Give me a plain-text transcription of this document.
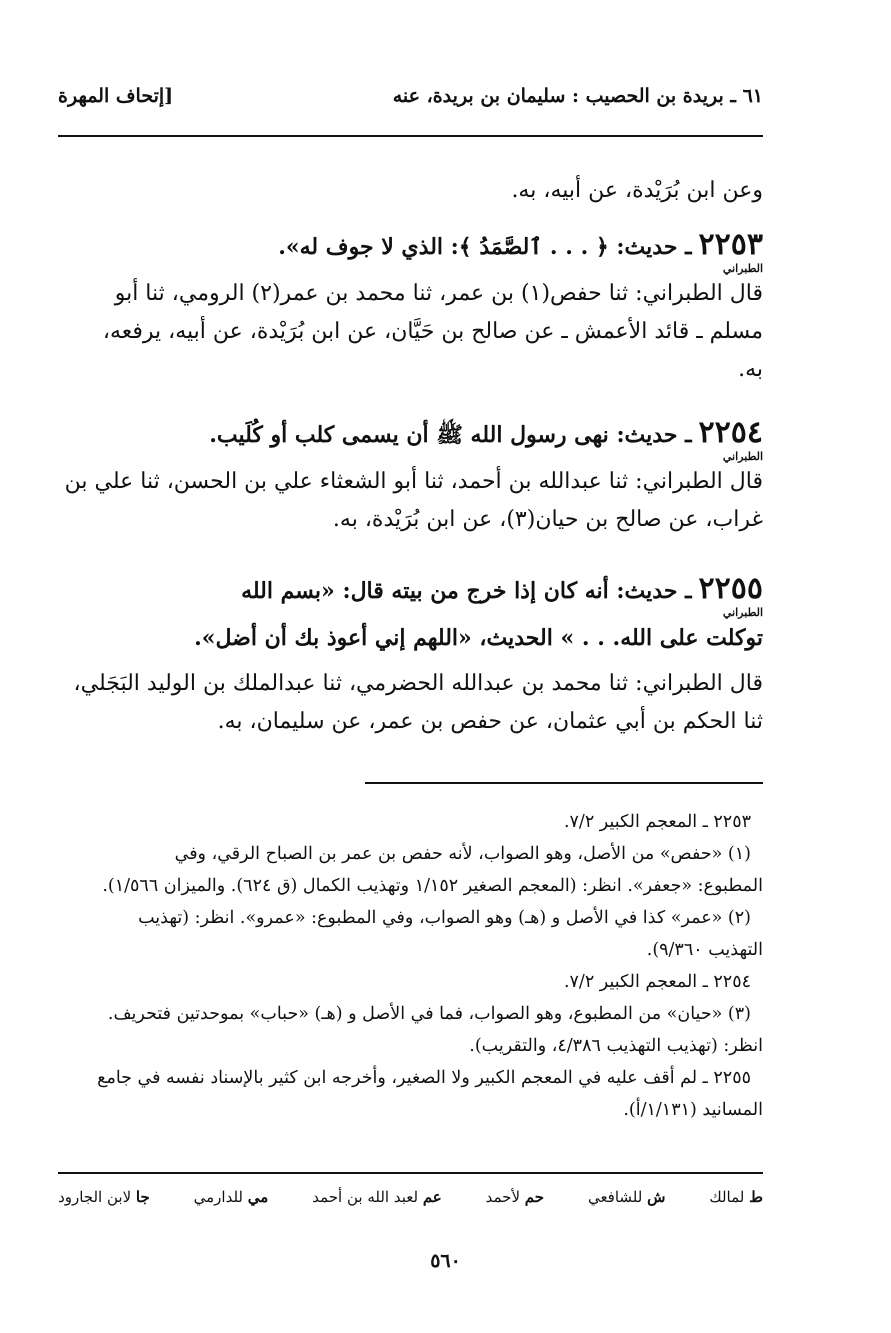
٦١ ـ بريدة بن الحصيب : سليمان بن بريدة، عنه
[إتحاف المهرة
وعن ابن بُرَيْدة، عن أبيه، به.
٢٢٥٣ ـ حديث: ﴿ . . . ٱلصَّمَدُ ﴾: الذي لا جوف له».
الطبراني
قال الطبراني: ثنا حفص(١) بن عمر، ثنا محمد بن عمر(٢) الرومي، ثنا أبو
مسلم ـ قائد الأعمش ـ عن صالح بن حَيَّان، عن ابن بُرَيْدة، عن أبيه، يرفعه،
به.
٢٢٥٤ ـ حديث: نهى رسول الله ﷺ أن يسمى كلب أو كُلَيب.
الطبراني
قال الطبراني: ثنا عبدالله بن أحمد، ثنا أبو الشعثاء علي بن الحسن، ثنا علي بن
غراب، عن صالح بن حيان(٣)، عن ابن بُرَيْدة، به.
٢٢٥٥ ـ حديث: أنه كان إذا خرج من بيته قال: «بسم الله
الطبراني
توكلت على الله. . . » الحديث، «اللهم إني أعوذ بك أن أضل».
قال الطبراني: ثنا محمد بن عبدالله الحضرمي، ثنا عبدالملك بن الوليد البَجَلي،
ثنا الحكم بن أبي عثمان، عن حفص بن عمر، عن سليمان، به.
٢٢٥٣ ـ المعجم الكبير ٧/٢.
(١) «حفص» من الأصل، وهو الصواب، لأنه حفص بن عمر بن الصباح الرقي، وفي
المطبوع: «جعفر». انظر: (المعجم الصغير ١/١٥٢ وتهذيب الكمال (ق ٦٢٤). والميزان ١/٥٦٦).
(٢) «عمر» كذا في الأصل و (هـ) وهو الصواب، وفي المطبوع: «عمرو». انظر: (تهذيب
التهذيب ٩/٣٦٠).
٢٢٥٤ ـ المعجم الكبير ٧/٢.
(٣) «حيان» من المطبوع، وهو الصواب، فما في الأصل و (هـ) «حباب» بموحدتين فتحريف.
انظر: (تهذيب التهذيب ٤/٣٨٦، والتقريب).
٢٢٥٥ ـ لم أقف عليه في المعجم الكبير ولا الصغير، وأخرجه ابن كثير بالإسناد نفسه في جامع
المسانيد (١/١٣١/أ).
ط لمالك
ش للشافعي
حم لأحمد
عم لعبد الله بن أحمد
مي للدارمي
جا لابن الجارود
٥٦٠
